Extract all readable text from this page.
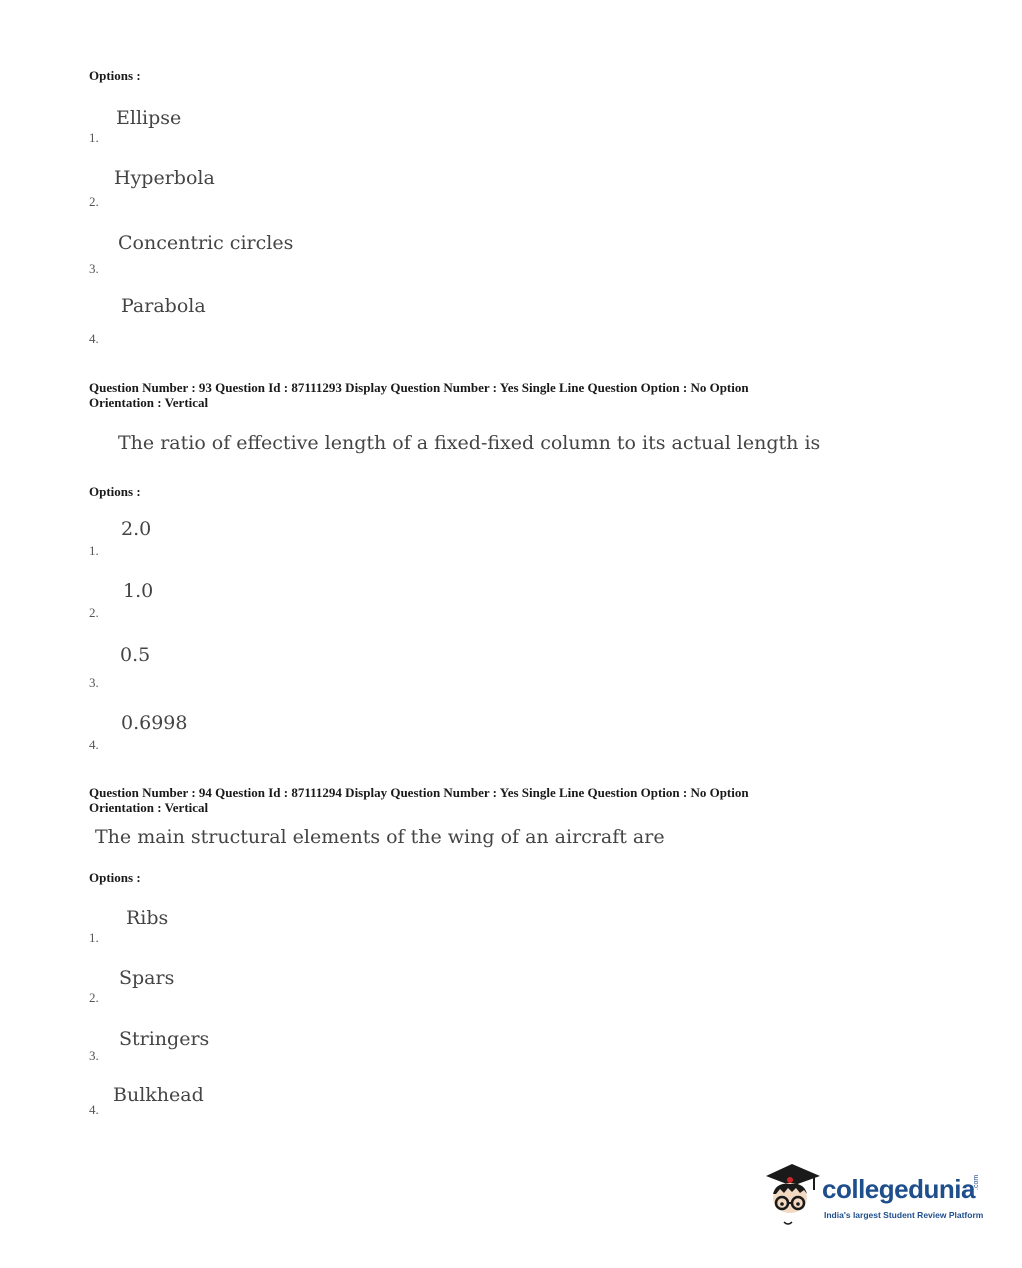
Options :
Ellipse
1.
Hyperbola
2.
Concentric circles
3.
Parabola
4.
Question Number : 93 Question Id : 87111293 Display Question Number : Yes Single Line Question Option : No Option
Orientation : Vertical
The ratio of effective length of a fixed-fixed column to its actual length is
Options :
2.0
1.
1.0
2.
0.5
3.
0.6998
4.
Question Number : 94 Question Id : 87111294 Display Question Number : Yes Single Line Question Option : No Option
Orientation : Vertical
The main structural elements of the wing of an aircraft are
Options :
Ribs
1.
Spars
2.
Stringers
3.
Bulkhead
4.
collegedunia
.com
India's largest Student Review Platform
